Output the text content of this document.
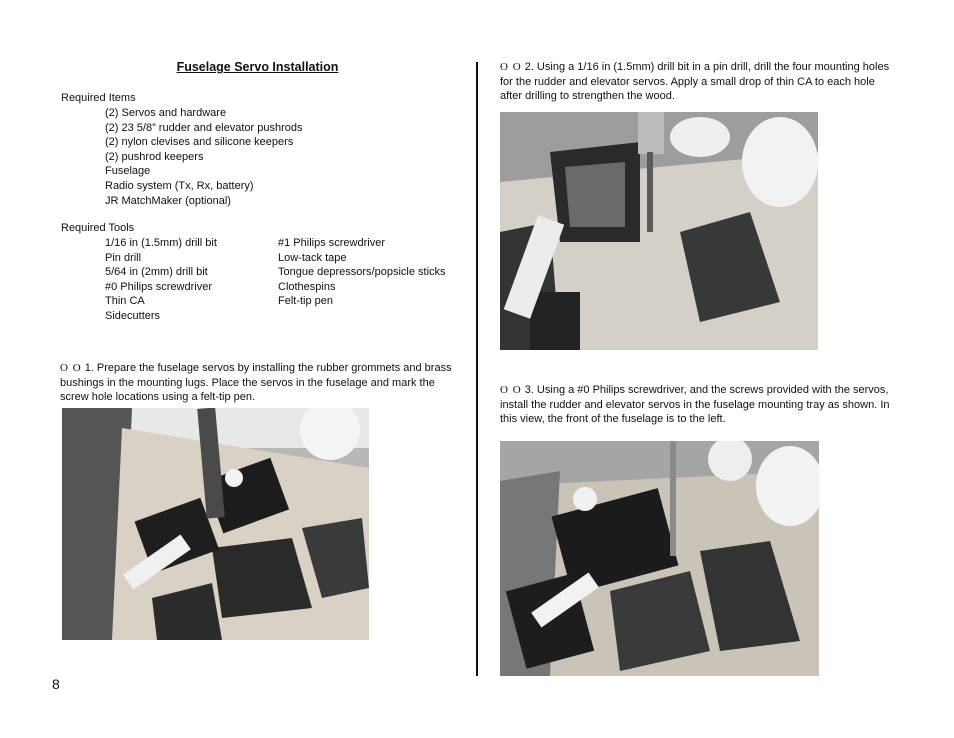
Fuselage Servo Installation
Required Items
(2) Servos and hardware
(2) 23 5/8” rudder and elevator pushrods
(2) nylon clevises and silicone keepers
(2) pushrod keepers
Fuselage
Radio system (Tx, Rx, battery)
JR MatchMaker (optional)
Required Tools
1/16 in (1.5mm) drill bit
Pin drill
5/64 in (2mm) drill bit
#0 Philips screwdriver
Thin CA
Sidecutters
#1 Philips screwdriver
Low-tack tape
Tongue depressors/popsicle sticks
Clothespins
Felt-tip pen
O O 1. Prepare the fuselage servos by installing the rubber grommets and brass bushings in the mounting lugs. Place the servos in the fuselage and mark the screw hole locations using a felt-tip pen.
O O 2. Using a 1/16 in (1.5mm) drill bit in a pin drill, drill the four mounting holes for the rudder and elevator servos. Apply a small drop of thin CA to each hole after drilling to strengthen the wood.
O O 3. Using a #0 Philips screwdriver, and the screws provided with the servos, install the rudder and elevator servos in the fuselage mounting tray as shown. In this view, the front of the fuselage is to the left.
8
